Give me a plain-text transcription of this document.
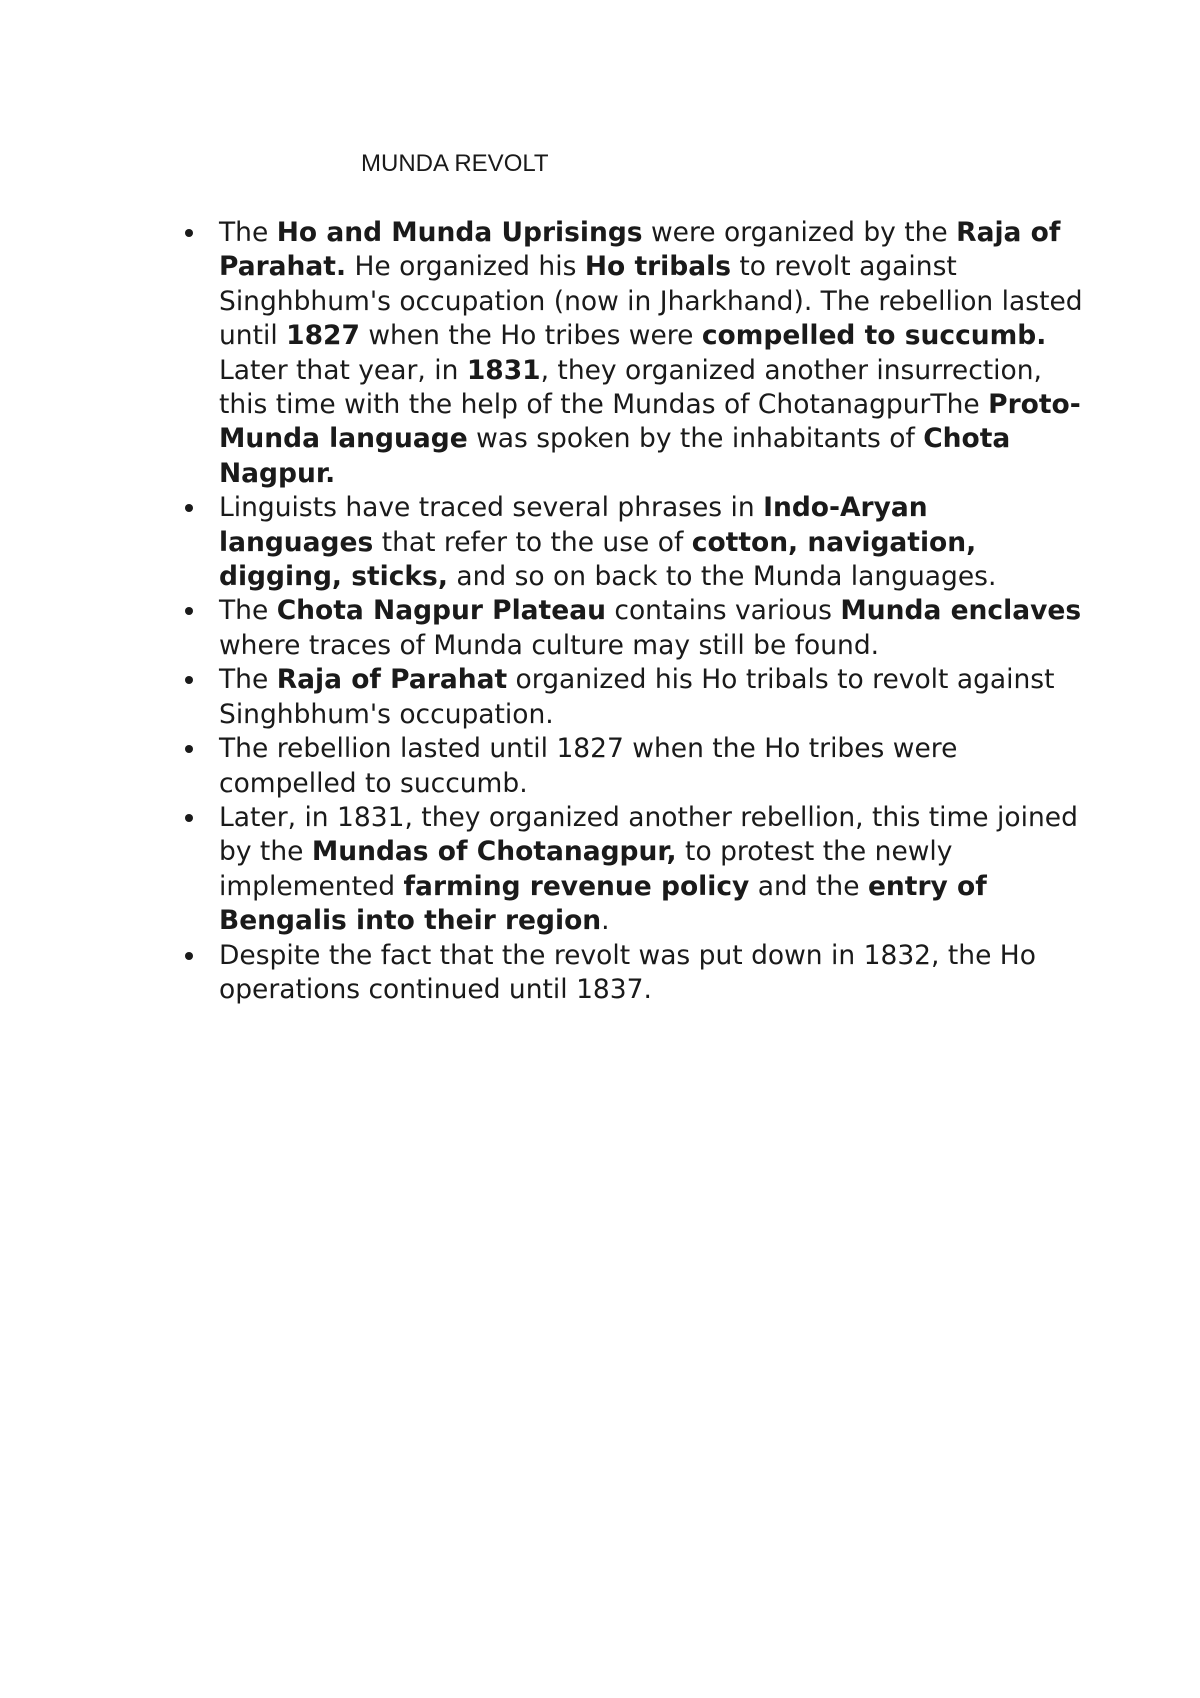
MUNDA REVOLT
The Ho and Munda Uprisings were organized by the Raja of Parahat. He organized his Ho tribals to revolt against Singhbhum's occupation (now in Jharkhand). The rebellion lasted until 1827 when the Ho tribes were compelled to succumb. Later that year, in 1831, they organized another insurrection, this time with the help of the Mundas of ChotanagpurThe Proto-Munda language was spoken by the inhabitants of Chota Nagpur.
Linguists have traced several phrases in Indo-Aryan languages that refer to the use of cotton, navigation, digging, sticks, and so on back to the Munda languages.
The Chota Nagpur Plateau contains various Munda enclaves where traces of Munda culture may still be found.
The Raja of Parahat organized his Ho tribals to revolt against Singhbhum's occupation.
The rebellion lasted until 1827 when the Ho tribes were compelled to succumb.
Later, in 1831, they organized another rebellion, this time joined by the Mundas of Chotanagpur, to protest the newly implemented farming revenue policy and the entry of Bengalis into their region.
Despite the fact that the revolt was put down in 1832, the Ho operations continued until 1837.
